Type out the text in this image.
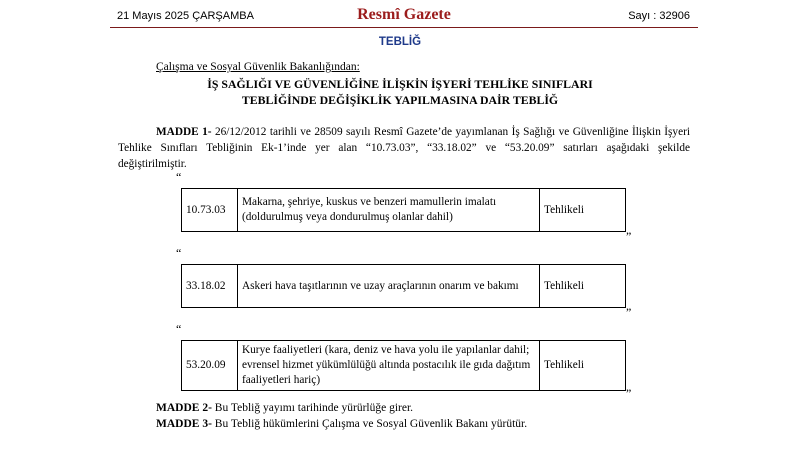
21 Mayıs 2025 ÇARŞAMBA	Resmî Gazete	Sayı : 32906
TEBLİĞ
Çalışma ve Sosyal Güvenlik Bakanlığından:
İŞ SAĞLIĞI VE GÜVENLİĞİNE İLİŞKİN İŞYERİ TEHLİKE SINIFLARI
TEBLİĞİNDE DEĞİŞİKLİK YAPILMASINA DAİR TEBLİĞ
MADDE 1- 26/12/2012 tarihli ve 28509 sayılı Resmî Gazete’de yayımlanan İş Sağlığı ve Güvenliğine İlişkin İşyeri Tehlike Sınıfları Tebliğinin Ek-1’inde yer alan “10.73.03”, “33.18.02” ve “53.20.09” satırları aşağıdaki şekilde değiştirilmiştir.
“
10.73.03	Makarna, şehriye, kuskus ve benzeri mamullerin imalatı (doldurulmuş veya dondurulmuş olanlar dahil)	Tehlikeli
”
“
33.18.02	Askeri hava taşıtlarının ve uzay araçlarının onarım ve bakımı	Tehlikeli
”
“
53.20.09	Kurye faaliyetleri (kara, deniz ve hava yolu ile yapılanlar dahil; evrensel hizmet yükümlülüğü altında postacılık ile gıda dağıtım faaliyetleri hariç)	Tehlikeli
”
MADDE 2- Bu Tebliğ yayımı tarihinde yürürlüğe girer.
MADDE 3- Bu Tebliğ hükümlerini Çalışma ve Sosyal Güvenlik Bakanı yürütür.
